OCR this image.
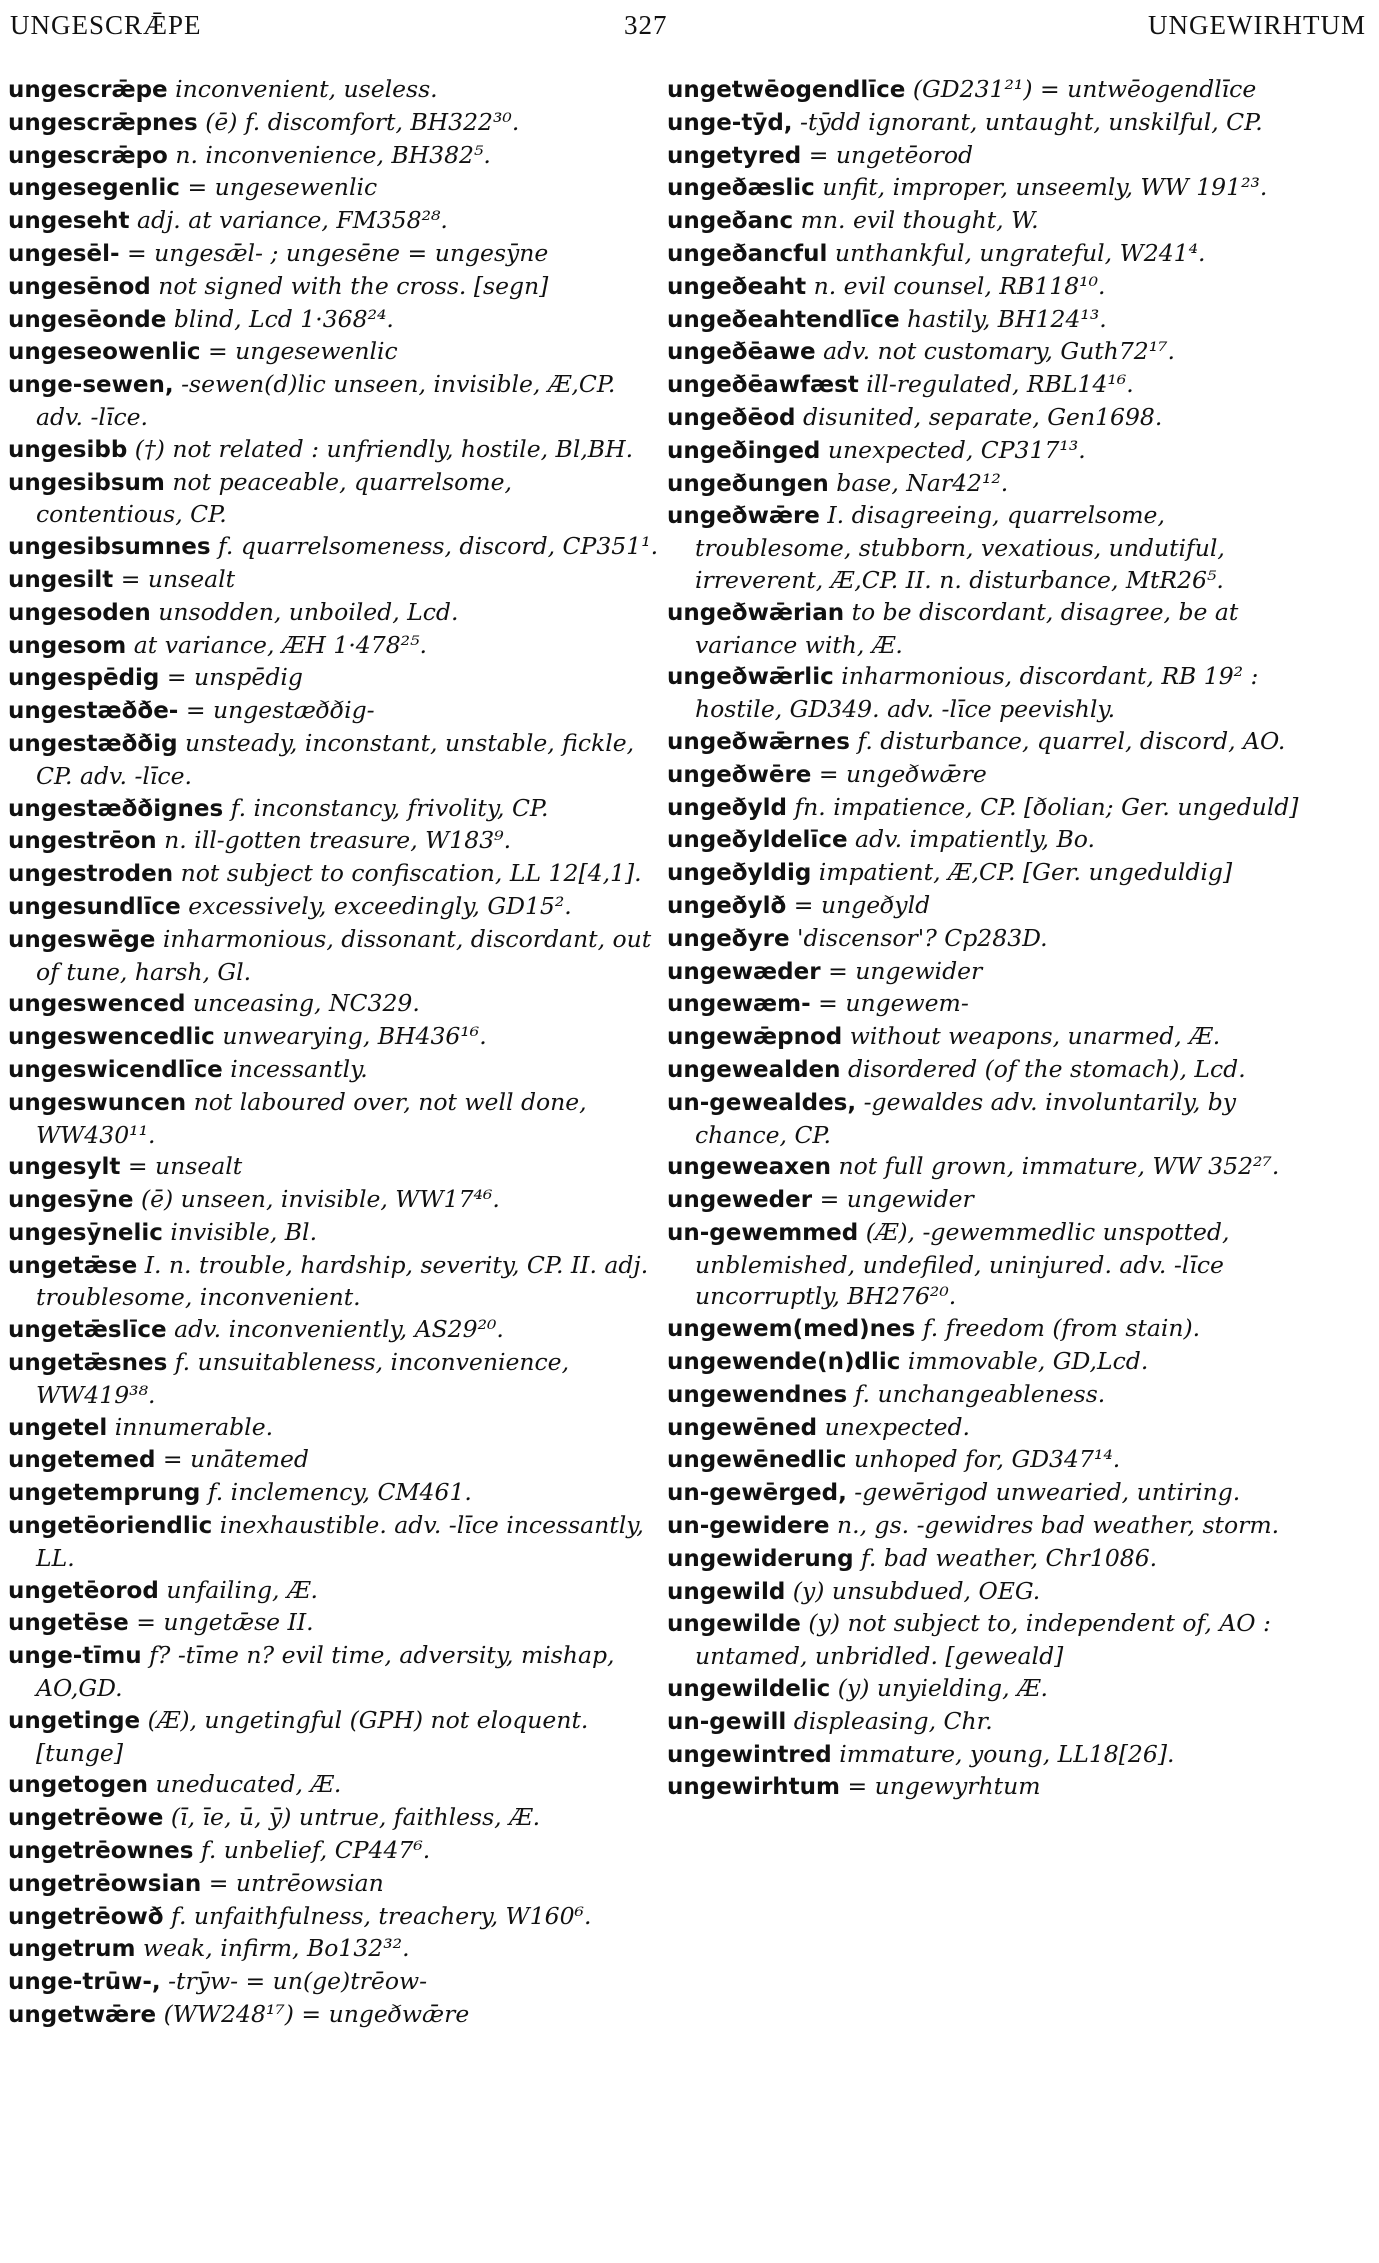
UNGESCRǢPE	327	UNGEWIRHTUM

ungescrǣpe inconvenient, useless.

ungescrǣpnes (ē) f. discomfort, BH322³⁰.

ungescrǣpo n. inconvenience, BH382⁵.

ungesegenlic = ungesewenlic

ungeseht adj. at variance, FM358²⁸.

ungesēl- = ungesǣl- ; ungesēne = ungesȳne

ungesēnod not signed with the cross. [segn]

ungesēonde blind, Lcd 1·368²⁴.

ungeseowenlic = ungesewenlic

unge-sewen, -sewen(d)lic unseen, invisible, Æ,CP. adv. -līce.

ungesibb (†) not related : unfriendly, hostile, Bl,BH.

ungesibsum not peaceable, quarrelsome, contentious, CP.

ungesibsumnes f. quarrelsomeness, discord, CP351¹.

ungesilt = unsealt

ungesoden unsodden, unboiled, Lcd.

ungesom at variance, ÆH 1·478²⁵.

ungespēdig = unspēdig

ungestæððe- = ungestæððig-

ungestæððig unsteady, inconstant, unstable, fickle, CP. adv. -līce.

ungestæððignes f. inconstancy, frivolity, CP.

ungestrēon n. ill-gotten treasure, W183⁹.

ungestroden not subject to confiscation, LL 12[4,1].

ungesundlīce excessively, exceedingly, GD15².

ungeswēge inharmonious, dissonant, discordant, out of tune, harsh, Gl.

ungeswenced unceasing, NC329.

ungeswencedlic unwearying, BH436¹⁶.

ungeswicendlīce incessantly.

ungeswuncen not laboured over, not well done, WW430¹¹.

ungesylt = unsealt

ungesȳne (ē) unseen, invisible, WW17⁴⁶.

ungesȳnelic invisible, Bl.

ungetǣse I. n. trouble, hardship, severity, CP. II. adj. troublesome, inconvenient.

ungetǣslīce adv. inconveniently, AS29²⁰.

ungetǣsnes f. unsuitableness, inconvenience, WW419³⁸.

ungetel innumerable.

ungetemed = unātemed

ungetemprung f. inclemency, CM461.

ungetēoriendlic inexhaustible. adv. -līce incessantly, LL.

ungetēorod unfailing, Æ.

ungetēse = ungetǣse II.

unge-tīmu f? -tīme n? evil time, adversity, mishap, AO,GD.

ungetinge (Æ), ungetingful (GPH) not eloquent. [tunge]

ungetogen uneducated, Æ.

ungetrēowe (ī, īe, ū, ȳ) untrue, faithless, Æ.

ungetrēownes f. unbelief, CP447⁶.

ungetrēowsian = untrēowsian

ungetrēowð f. unfaithfulness, treachery, W160⁶.

ungetrum weak, infirm, Bo132³².

unge-trūw-, -trȳw- = un(ge)trēow-

ungetwǣre (WW248¹⁷) = ungeðwǣre

ungetwēogendlīce (GD231²¹) = untwēogendlīce

unge-tȳd, -tȳdd ignorant, untaught, unskilful, CP.

ungetyred = ungetēorod

ungeðæslic unfit, improper, unseemly, WW 191²³.

ungeðanc mn. evil thought, W.

ungeðancful unthankful, ungrateful, W241⁴.

ungeðeaht n. evil counsel, RB118¹⁰.

ungeðeahtendlīce hastily, BH124¹³.

ungeðēawe adv. not customary, Guth72¹⁷.

ungeðēawfæst ill-regulated, RBL14¹⁶.

ungeðēod disunited, separate, Gen1698.

ungeðinged unexpected, CP317¹³.

ungeðungen base, Nar42¹².

ungeðwǣre I. disagreeing, quarrelsome, troublesome, stubborn, vexatious, undutiful, irreverent, Æ,CP. II. n. disturbance, MtR26⁵.

ungeðwǣrian to be discordant, disagree, be at variance with, Æ.

ungeðwǣrlic inharmonious, discordant, RB 19² : hostile, GD349. adv. -līce peevishly.

ungeðwǣrnes f. disturbance, quarrel, discord, AO.

ungeðwēre = ungeðwǣre

ungeðyld fn. impatience, CP. [ðolian; Ger. ungeduld]

ungeðyldelīce adv. impatiently, Bo.

ungeðyldig impatient, Æ,CP. [Ger. ungeduldig]

ungeðylð = ungeðyld

ungeðyre 'discensor'? Cp283D.

ungewæder = ungewider

ungewæm- = ungewem-

ungewǣpnod without weapons, unarmed, Æ.

ungewealden disordered (of the stomach), Lcd.

un-gewealdes, -gewaldes adv. involuntarily, by chance, CP.

ungeweaxen not full grown, immature, WW 352²⁷.

ungeweder = ungewider

un-gewemmed (Æ), -gewemmedlic unspotted, unblemished, undefiled, uninjured. adv. -līce uncorruptly, BH276²⁰.

ungewem(med)nes f. freedom (from stain).

ungewende(n)dlic immovable, GD,Lcd.

ungewendnes f. unchangeableness.

ungewēned unexpected.

ungewēnedlic unhoped for, GD347¹⁴.

un-gewērged, -gewērigod unwearied, untiring.

un-gewidere n., gs. -gewidres bad weather, storm.

ungewiderung f. bad weather, Chr1086.

ungewild (y) unsubdued, OEG.

ungewilde (y) not subject to, independent of, AO : untamed, unbridled. [geweald]

ungewildelic (y) unyielding, Æ.

un-gewill displeasing, Chr.

ungewintred immature, young, LL18[26].

ungewirhtum = ungewyrhtum
